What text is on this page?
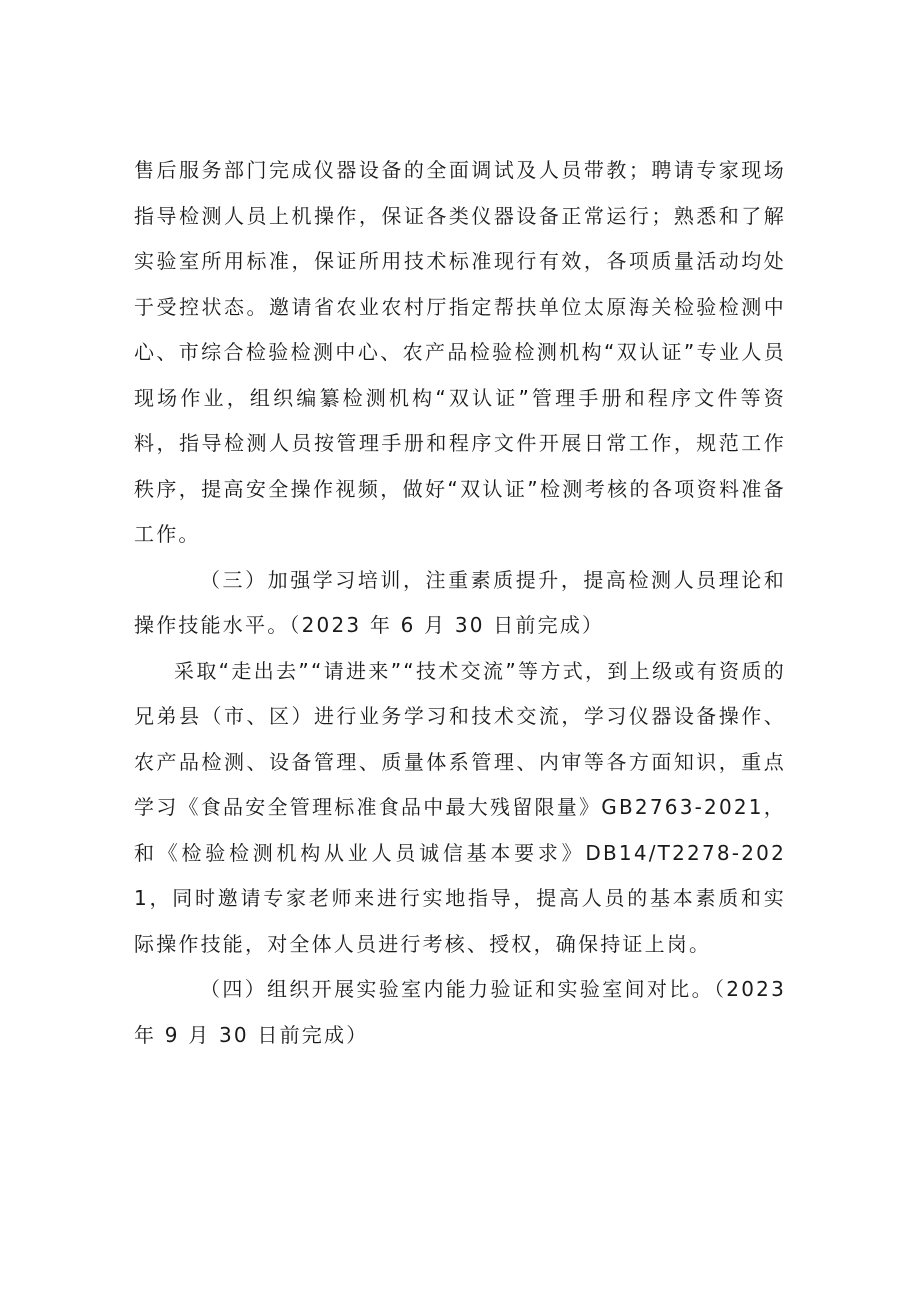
售后服务部门完成仪器设备的全面调试及人员带教；聘请专家现场指导检测人员上机操作，保证各类仪器设备正常运行；熟悉和了解实验室所用标准，保证所用技术标准现行有效，各项质量活动均处于受控状态。邀请省农业农村厅指定帮扶单位太原海关检验检测中心、市综合检验检测中心、农产品检验检测机构“双认证”专业人员现场作业，组织编纂检测机构“双认证”管理手册和程序文件等资料，指导检测人员按管理手册和程序文件开展日常工作，规范工作秩序，提高安全操作视频，做好“双认证”检测考核的各项资料准备工作。

（三）加强学习培训，注重素质提升，提高检测人员理论和操作技能水平。（2023 年 6 月 30 日前完成）

采取“走出去”“请进来”“技术交流”等方式，到上级或有资质的兄弟县（市、区）进行业务学习和技术交流，学习仪器设备操作、农产品检测、设备管理、质量体系管理、内审等各方面知识，重点学习《食品安全管理标准食品中最大残留限量》GB2763-2021，和《检验检测机构从业人员诚信基本要求》DB14/T2278-2021，同时邀请专家老师来进行实地指导，提高人员的基本素质和实际操作技能，对全体人员进行考核、授权，确保持证上岗。

（四）组织开展实验室内能力验证和实验室间对比。（2023 年 9 月 30 日前完成）
